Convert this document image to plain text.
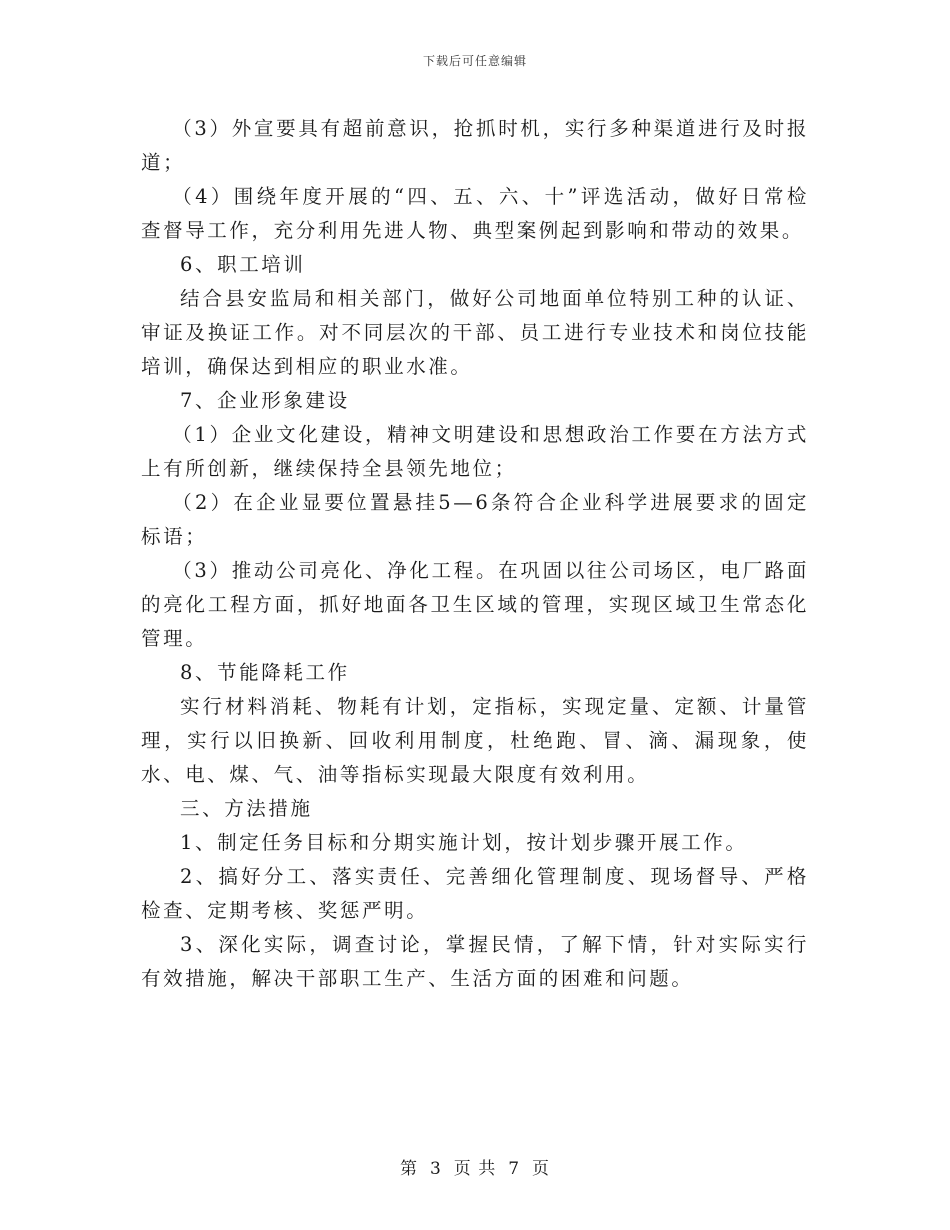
下载后可任意编辑

（3）外宣要具有超前意识，抢抓时机，实行多种渠道进行及时报道；

（4）围绕年度开展的“四、五、六、十”评选活动，做好日常检查督导工作，充分利用先进人物、典型案例起到影响和带动的效果。

6、职工培训

结合县安监局和相关部门，做好公司地面单位特别工种的认证、审证及换证工作。对不同层次的干部、员工进行专业技术和岗位技能培训，确保达到相应的职业水准。

7、企业形象建设

（1）企业文化建设，精神文明建设和思想政治工作要在方法方式上有所创新，继续保持全县领先地位；

（2）在企业显要位置悬挂5—6条符合企业科学进展要求的固定标语；

（3）推动公司亮化、净化工程。在巩固以往公司场区，电厂路面的亮化工程方面，抓好地面各卫生区域的管理，实现区域卫生常态化管理。

8、节能降耗工作

实行材料消耗、物耗有计划，定指标，实现定量、定额、计量管理，实行以旧换新、回收利用制度，杜绝跑、冒、滴、漏现象，使水、电、煤、气、油等指标实现最大限度有效利用。

三、方法措施

1、制定任务目标和分期实施计划，按计划步骤开展工作。

2、搞好分工、落实责任、完善细化管理制度、现场督导、严格检查、定期考核、奖惩严明。

3、深化实际，调查讨论，掌握民情，了解下情，针对实际实行有效措施，解决干部职工生产、生活方面的困难和问题。

第 3 页 共 7 页
